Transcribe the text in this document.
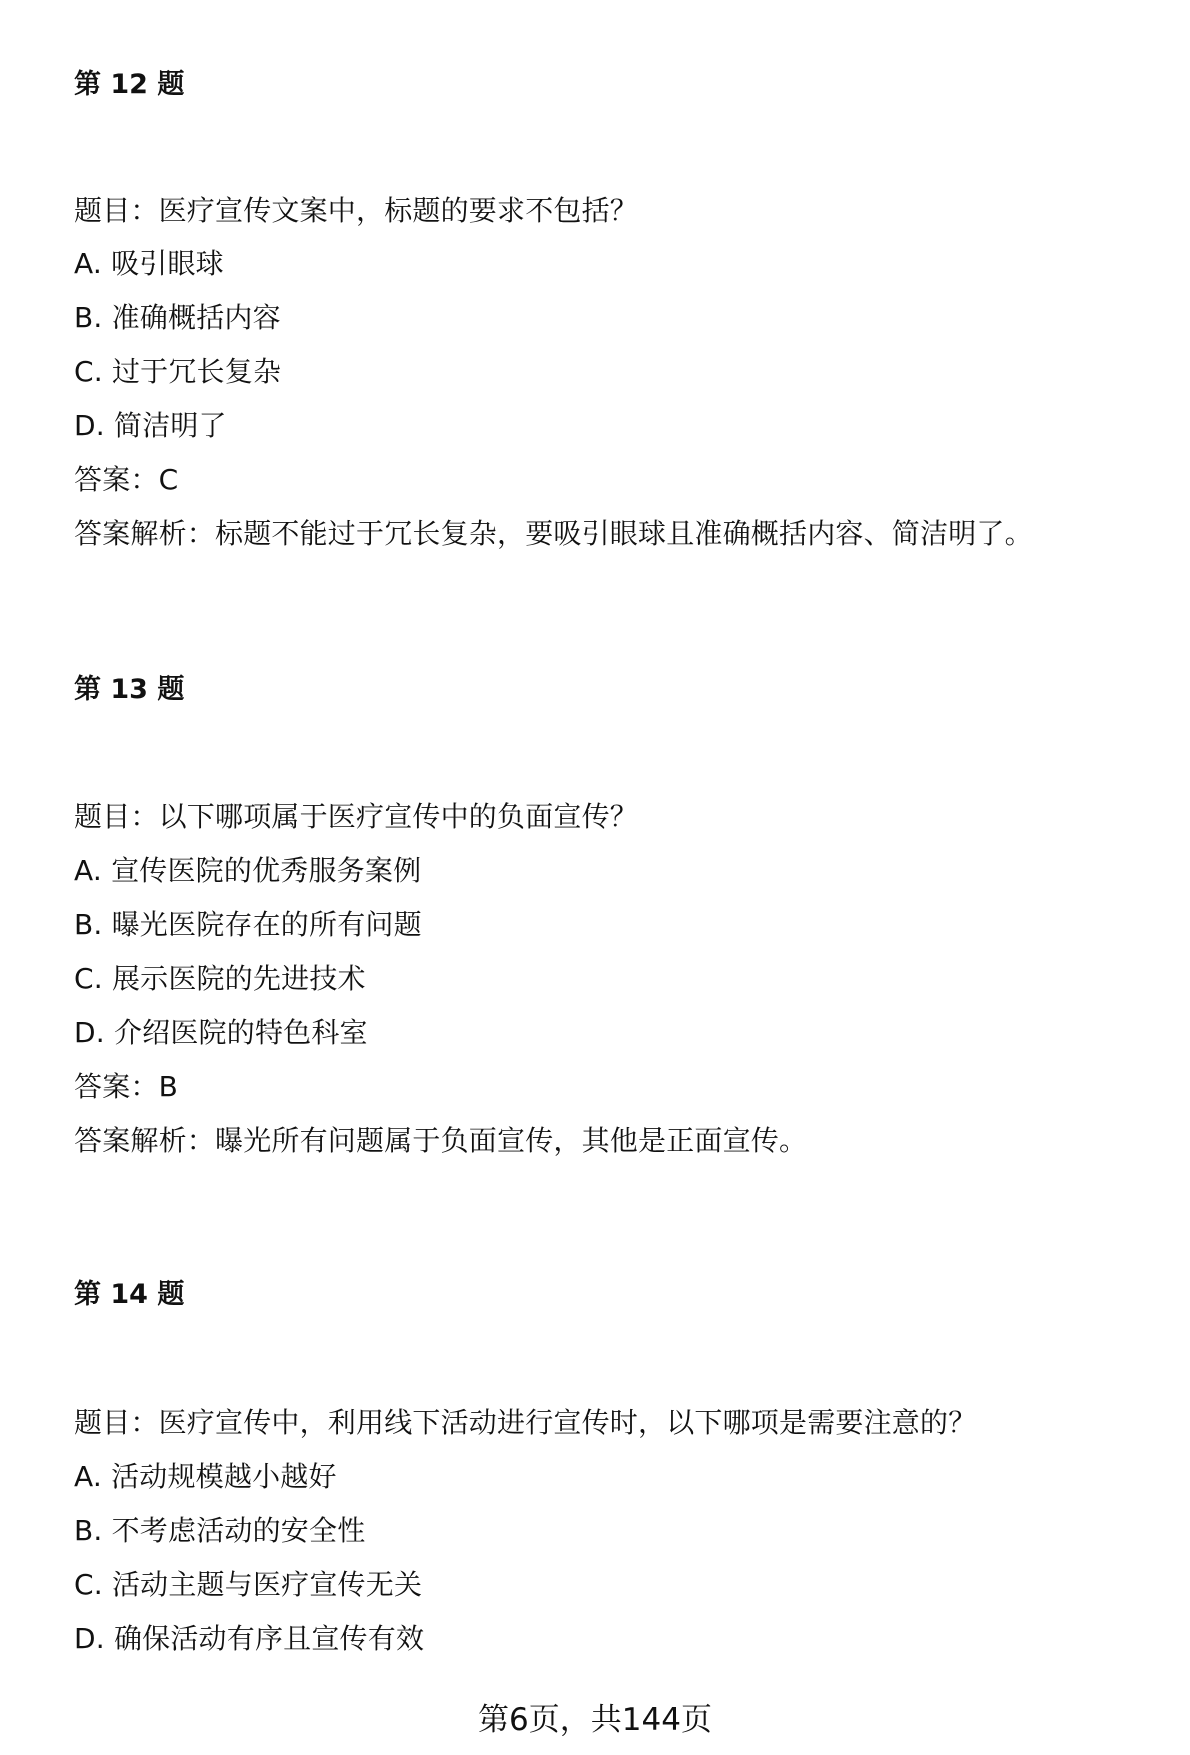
第 12 题
题目：医疗宣传文案中，标题的要求不包括？
A. 吸引眼球
B. 准确概括内容
C. 过于冗长复杂
D. 简洁明了
答案：C
答案解析：标题不能过于冗长复杂，要吸引眼球且准确概括内容、简洁明了。
第 13 题
题目：以下哪项属于医疗宣传中的负面宣传？
A. 宣传医院的优秀服务案例
B. 曝光医院存在的所有问题
C. 展示医院的先进技术
D. 介绍医院的特色科室
答案：B
答案解析：曝光所有问题属于负面宣传，其他是正面宣传。
第 14 题
题目：医疗宣传中，利用线下活动进行宣传时，以下哪项是需要注意的？
A. 活动规模越小越好
B. 不考虑活动的安全性
C. 活动主题与医疗宣传无关
D. 确保活动有序且宣传有效
第6页，共144页
